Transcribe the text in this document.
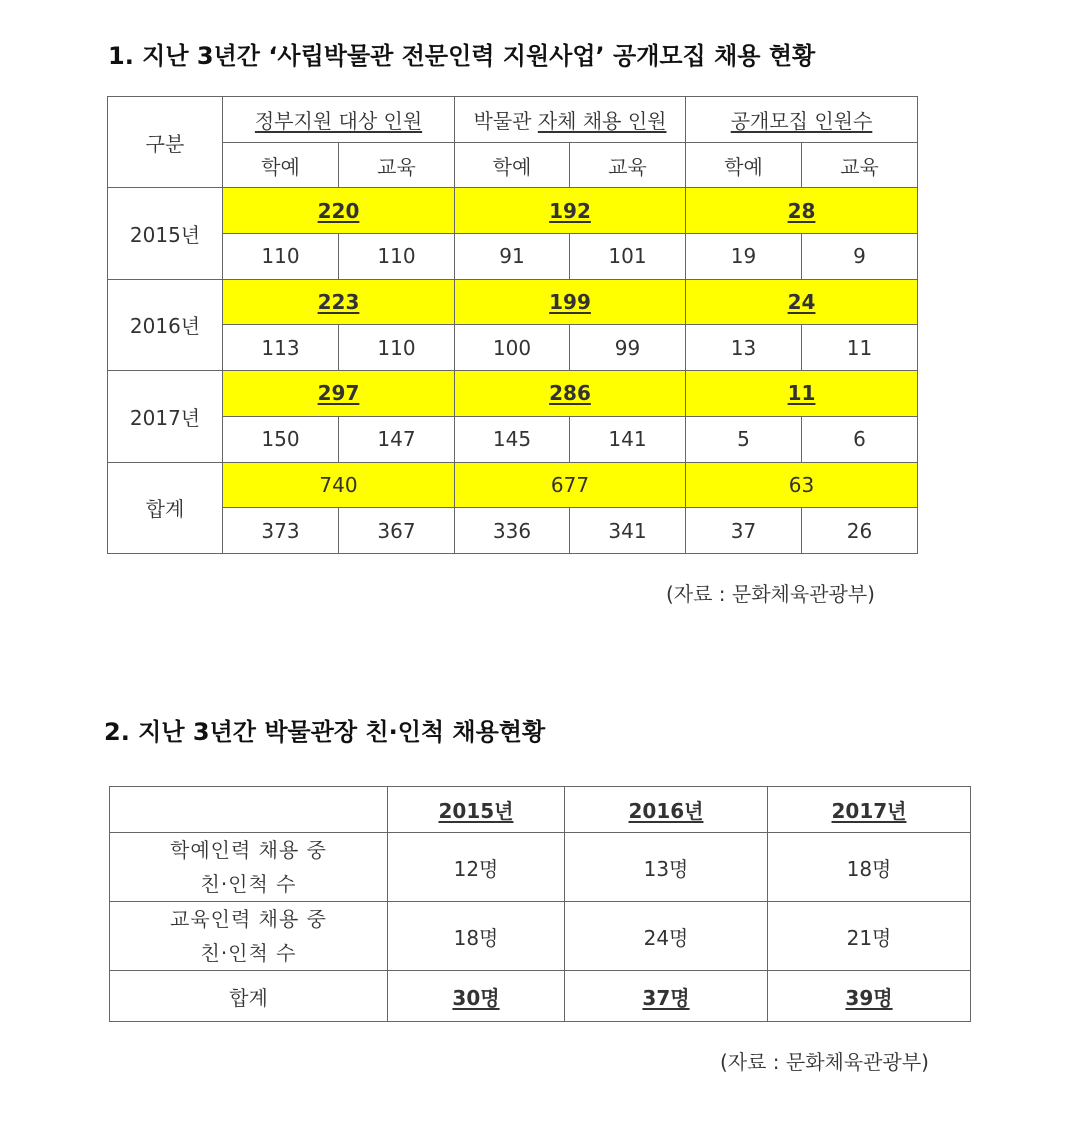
1. 지난 3년간 ‘사립박물관 전문인력 지원사업’ 공개모집 채용 현황
구분	정부지원 대상 인원		박물관 자체 채용 인원		공개모집 인원수	
	학예	교육	학예	교육	학예	교육
2015년	220		192		28	
	110	110	91	101	19	9
2016년	223		199		24	
	113	110	100	99	13	11
2017년	297		286		11	
	150	147	145	141	5	6
합계	740		677		63	
	373	367	336	341	37	26
(자료 : 문화체육관광부)
2. 지난 3년간 박물관장 친·인척 채용현황
	2015년	2016년	2017년

학예인력 채용 중
친·인척 수	12명	13명	18명

교육인력 채용 중
친·인척 수	18명	24명	21명
합계	30명	37명	39명
(자료 : 문화체육관광부)
